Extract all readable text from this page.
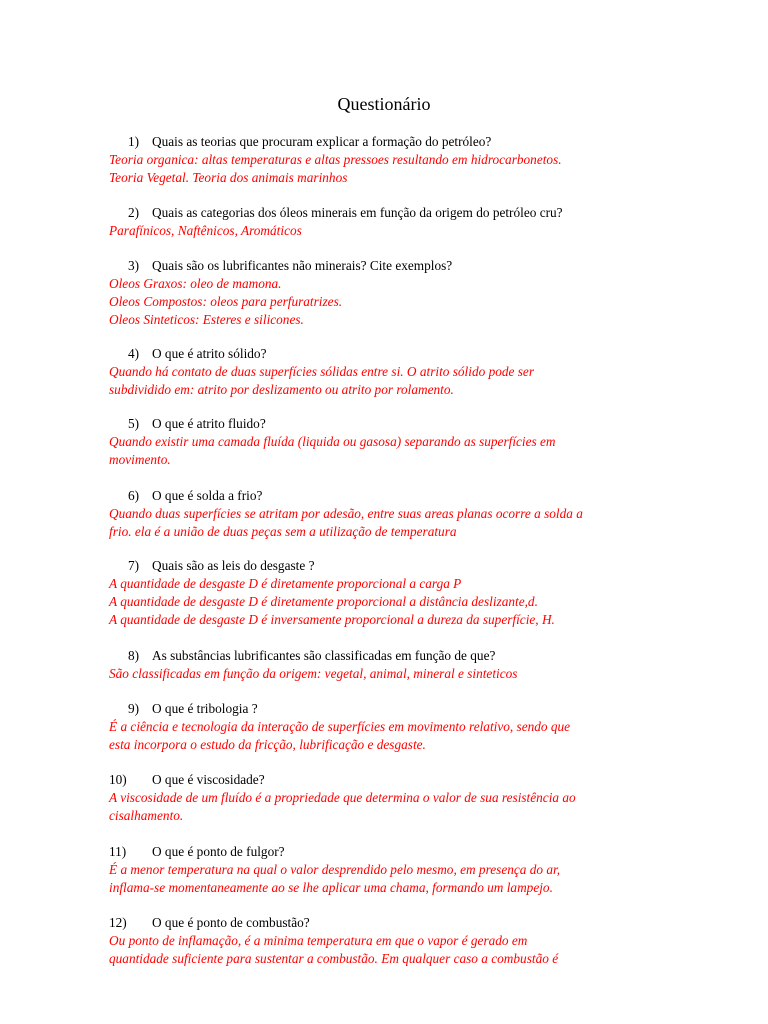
Questionário
1) Quais as teorias que procuram explicar a formação do petróleo?
Teoria organica: altas temperaturas e altas pressoes resultando em hidrocarbonetos.
Teoria Vegetal. Teoria dos animais marinhos
2) Quais as categorias dos óleos minerais em função da origem do petróleo cru?
Parafínicos, Naftênicos, Aromáticos
3) Quais são os lubrificantes não minerais? Cite exemplos?
Oleos Graxos: oleo de mamona.
Oleos Compostos: oleos para perfuratrizes.
Oleos Sinteticos: Esteres e silicones.
4) O que é atrito sólido?
Quando há contato de duas superfícies sólidas entre si. O atrito sólido pode ser
subdividido em: atrito por deslizamento ou atrito por rolamento.
5) O que é atrito fluido?
Quando existir uma camada fluída (liquida ou gasosa) separando as superfícies em
movimento.
6) O que é solda a frio?
Quando duas superfícies se atritam por adesão, entre suas areas planas ocorre a solda a
frio. ela é a união de duas peças sem a utilização de temperatura
7) Quais são as leis do desgaste ?
A quantidade de desgaste D é diretamente proporcional a carga P
A quantidade de desgaste D é diretamente proporcional a distância deslizante,d.
A quantidade de desgaste D é inversamente proporcional a dureza da superfície, H.
8) As substâncias lubrificantes são classificadas em função de que?
São classificadas em função da origem: vegetal, animal, mineral e sinteticos
9) O que é tribologia ?
É a ciência e tecnologia da interação de superfícies em movimento relativo, sendo que
esta incorpora o estudo da fricção, lubrificação e desgaste.
10)	O que é viscosidade?
A viscosidade de um fluído é a propriedade que determina o valor de sua resistência ao
cisalhamento.
11)	O que é ponto de fulgor?
É a menor temperatura na qual o valor desprendido pelo mesmo, em presença do ar,
inflama-se momentaneamente ao se lhe aplicar uma chama, formando um lampejo.
12)	O que é ponto de combustão?
Ou ponto de inflamação, é a minima temperatura em que o vapor é gerado em
quantidade suficiente para sustentar a combustão. Em qualquer caso a combustão é
